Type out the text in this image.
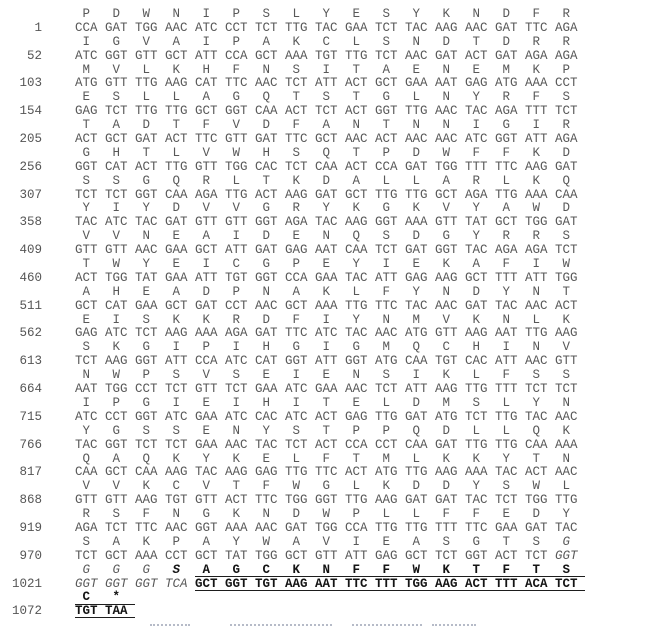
P	D	W	N	I	P	S	L	Y	E	S	Y	K	N	D	F	R
1	CCA GAT TGG AAC ATC CCT TCT TTG TAC GAA TCT TAC AAG AAC GAT TTC AGA
I	G	V	A	I	P	A	K	C	L	S	N	D	T	D	R	R
52	ATC GGT GTT GCT ATT CCA GCT AAA TGT TTG TCT AAC GAT ACT GAT AGA AGA
M	V	L	K	H	F	N	S	I	T	A	E	N	E	M	K	P
103	ATG GTT TTG AAG CAT TTC AAC TCT ATT ACT GCT GAA AAT GAG ATG AAA CCT
E	S	L	L	A	G	Q	T	S	T	G	L	N	Y	R	F	S
154	GAG TCT TTG TTG GCT GGT CAA ACT TCT ACT GGT TTG AAC TAC AGA TTT TCT
T	A	D	T	F	V	D	F	A	N	T	N	N	I	G	I	R
205	ACT GCT GAT ACT TTC GTT GAT TTC GCT AAC ACT AAC AAC ATC GGT ATT AGA
G	H	T	L	V	W	H	S	Q	T	P	D	W	F	F	K	D
256	GGT CAT ACT TTG GTT TGG CAC TCT CAA ACT CCA GAT TGG TTT TTC AAG GAT
S	S	G	Q	R	L	T	K	D	A	L	L	A	R	L	K	Q
307	TCT TCT GGT CAA AGA TTG ACT AAG GAT GCT TTG TTG GCT AGA TTG AAA CAA
Y	I	Y	D	V	V	G	R	Y	K	G	K	V	Y	A	W	D
358	TAC ATC TAC GAT GTT GTT GGT AGA TAC AAG GGT AAA GTT TAT GCT TGG GAT
V	V	N	E	A	I	D	E	N	Q	S	D	G	Y	R	R	S
409	GTT GTT AAC GAA GCT ATT GAT GAG AAT CAA TCT GAT GGT TAC AGA AGA TCT
T	W	Y	E	I	C	G	P	E	Y	I	E	K	A	F	I	W
460	ACT TGG TAT GAA ATT TGT GGT CCA GAA TAC ATT GAG AAG GCT TTT ATT TGG
A	H	E	A	D	P	N	A	K	L	F	Y	N	D	Y	N	T
511	GCT CAT GAA GCT GAT CCT AAC GCT AAA TTG TTC TAC AAC GAT TAC AAC ACT
E	I	S	K	K	R	D	F	I	Y	N	M	V	K	N	L	K
562	GAG ATC TCT AAG AAA AGA GAT TTC ATC TAC AAC ATG GTT AAG AAT TTG AAG
S	K	G	I	P	I	H	G	I	G	M	Q	C	H	I	N	V
613	TCT AAG GGT ATT CCA ATC CAT GGT ATT GGT ATG CAA TGT CAC ATT AAC GTT
N	W	P	S	V	S	E	I	E	N	S	I	K	L	F	S	S
664	AAT TGG CCT TCT GTT TCT GAA ATC GAA AAC TCT ATT AAG TTG TTT TCT TCT
I	P	G	I	E	I	H	I	T	E	L	D	M	S	L	Y	N
715	ATC CCT GGT ATC GAA ATC CAC ATC ACT GAG TTG GAT ATG TCT TTG TAC AAC
Y	G	S	S	E	N	Y	S	T	P	P	Q	D	L	L	Q	K
766	TAC GGT TCT TCT GAA AAC TAC TCT ACT CCA CCT CAA GAT TTG TTG CAA AAA
Q	A	Q	K	Y	K	E	L	F	T	M	L	K	K	Y	T	N
817	CAA GCT CAA AAG TAC AAG GAG TTG TTC ACT ATG TTG AAG AAA TAC ACT AAC
V	V	K	C	V	T	F	W	G	L	K	D	D	Y	S	W	L
868	GTT GTT AAG TGT GTT ACT TTC TGG GGT TTG AAG GAT GAT TAC TCT TGG TTG
R	S	F	N	G	K	N	D	W	P	L	L	F	F	E	D	Y
919	AGA TCT TTC AAC GGT AAA AAC GAT TGG CCA TTG TTG TTT TTC GAA GAT TAC
S	A	K	P	A	Y	W	A	V	I	E	A	S	G	T	S	G
970	TCT GCT AAA CCT GCT TAT TGG GCT GTT ATT GAG GCT TCT GGT ACT TCT GGT
G	G	G	S	A	G	C	K	N	F	F	W	K	T	F	T	S
1021	GGT GGT GGT TCA GCT GGT TGT AAG AAT TTC TTT TGG AAG ACT TTT ACA TCT
C	*
1072	TGT TAA
